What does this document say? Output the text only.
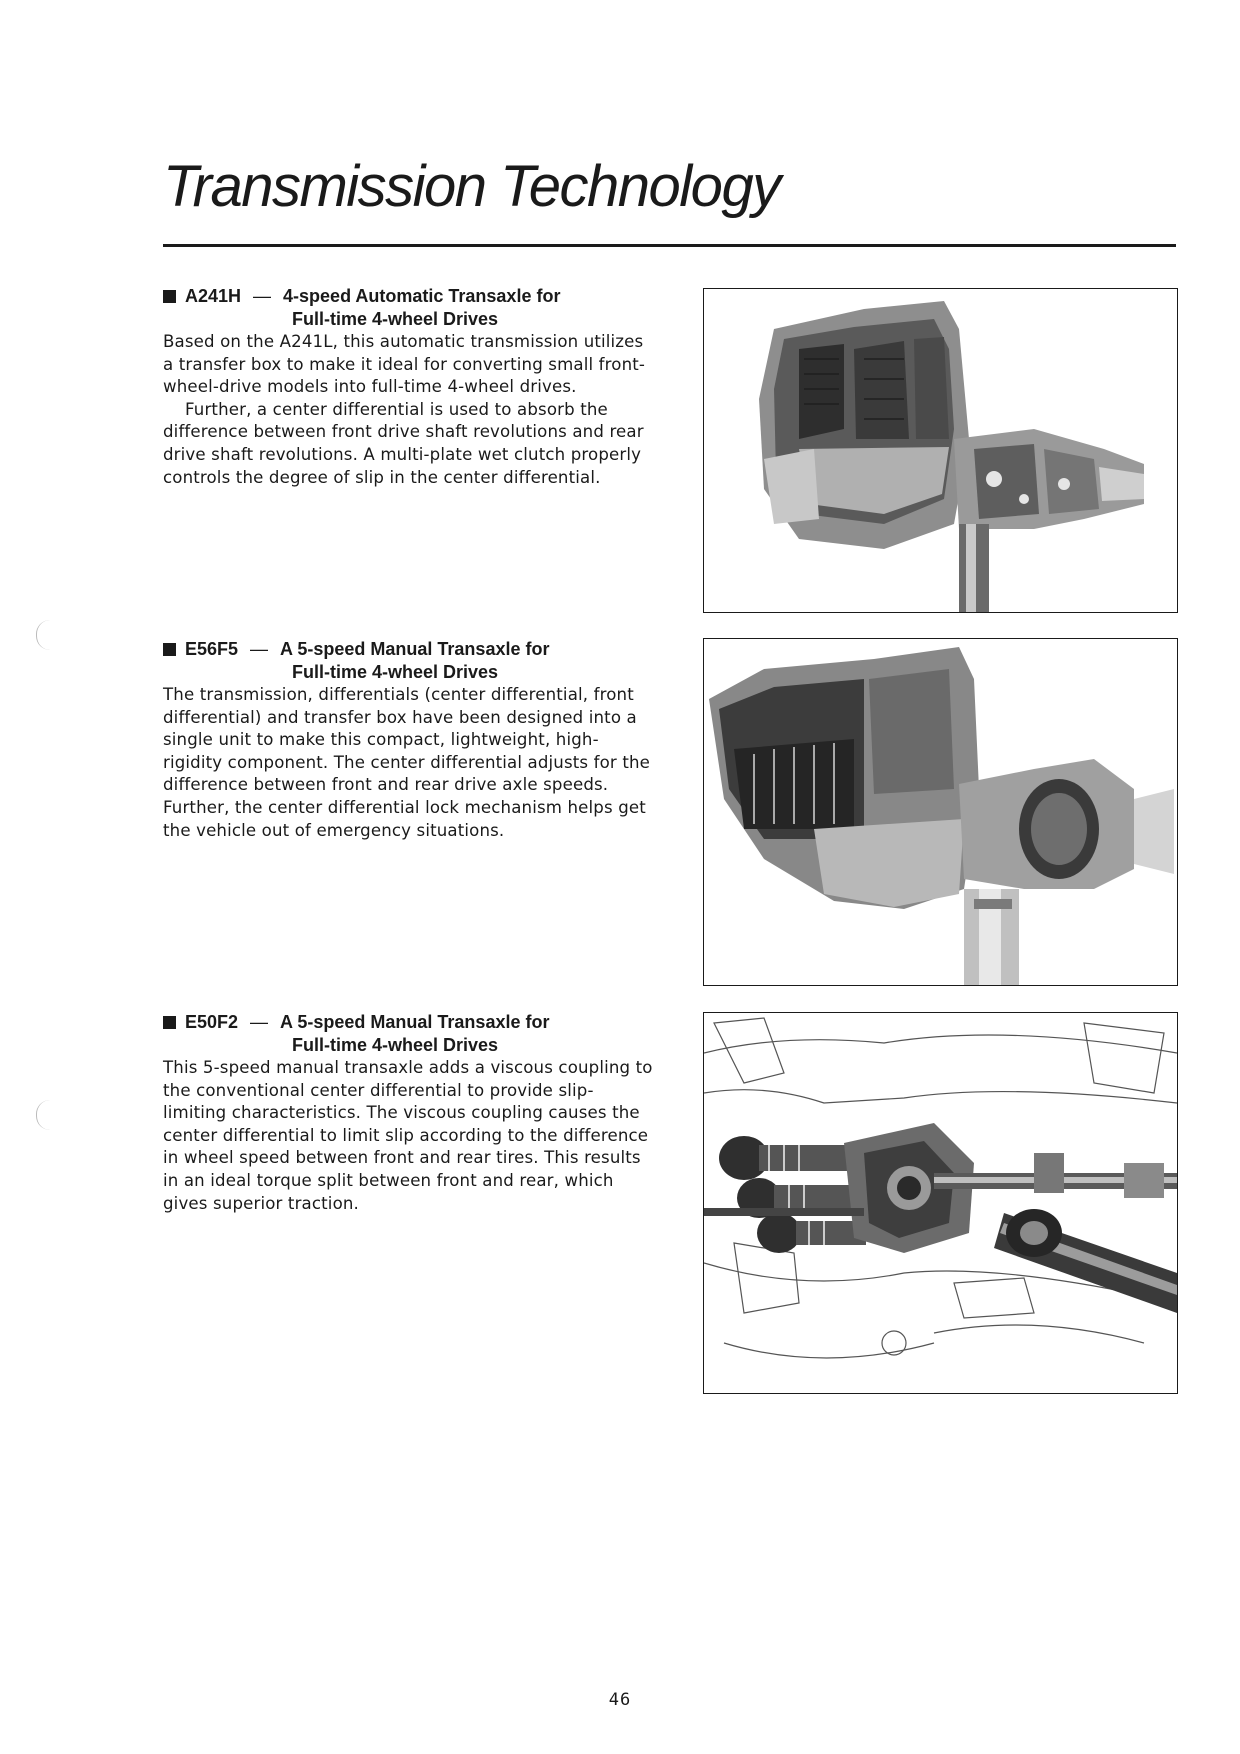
Transmission Technology
A241H — 4-speed Automatic Transaxle for
Full-time 4-wheel Drives

Based on the A241L, this automatic transmission utilizes a transfer box to make it ideal for converting small front-wheel-drive models into full-time 4-wheel drives.

Further, a center differential is used to absorb the difference between front drive shaft revolutions and rear drive shaft revolutions. A multi-plate wet clutch properly controls the degree of slip in the center differential.

E56F5 — A 5-speed Manual Transaxle for
Full-time 4-wheel Drives

The transmission, differentials (center differential, front differential) and transfer box have been designed into a single unit to make this compact, lightweight, high-rigidity component. The center differential adjusts for the difference between front and rear drive axle speeds. Further, the center differential lock mechanism helps get the vehicle out of emergency situations.

E50F2 — A 5-speed Manual Transaxle for
Full-time 4-wheel Drives

This 5-speed manual transaxle adds a viscous coupling to the conventional center differential to provide slip-limiting characteristics. The viscous coupling causes the center differential to limit slip according to the difference in wheel speed between front and rear tires. This results in an ideal torque split between front and rear, which gives superior traction.

46
